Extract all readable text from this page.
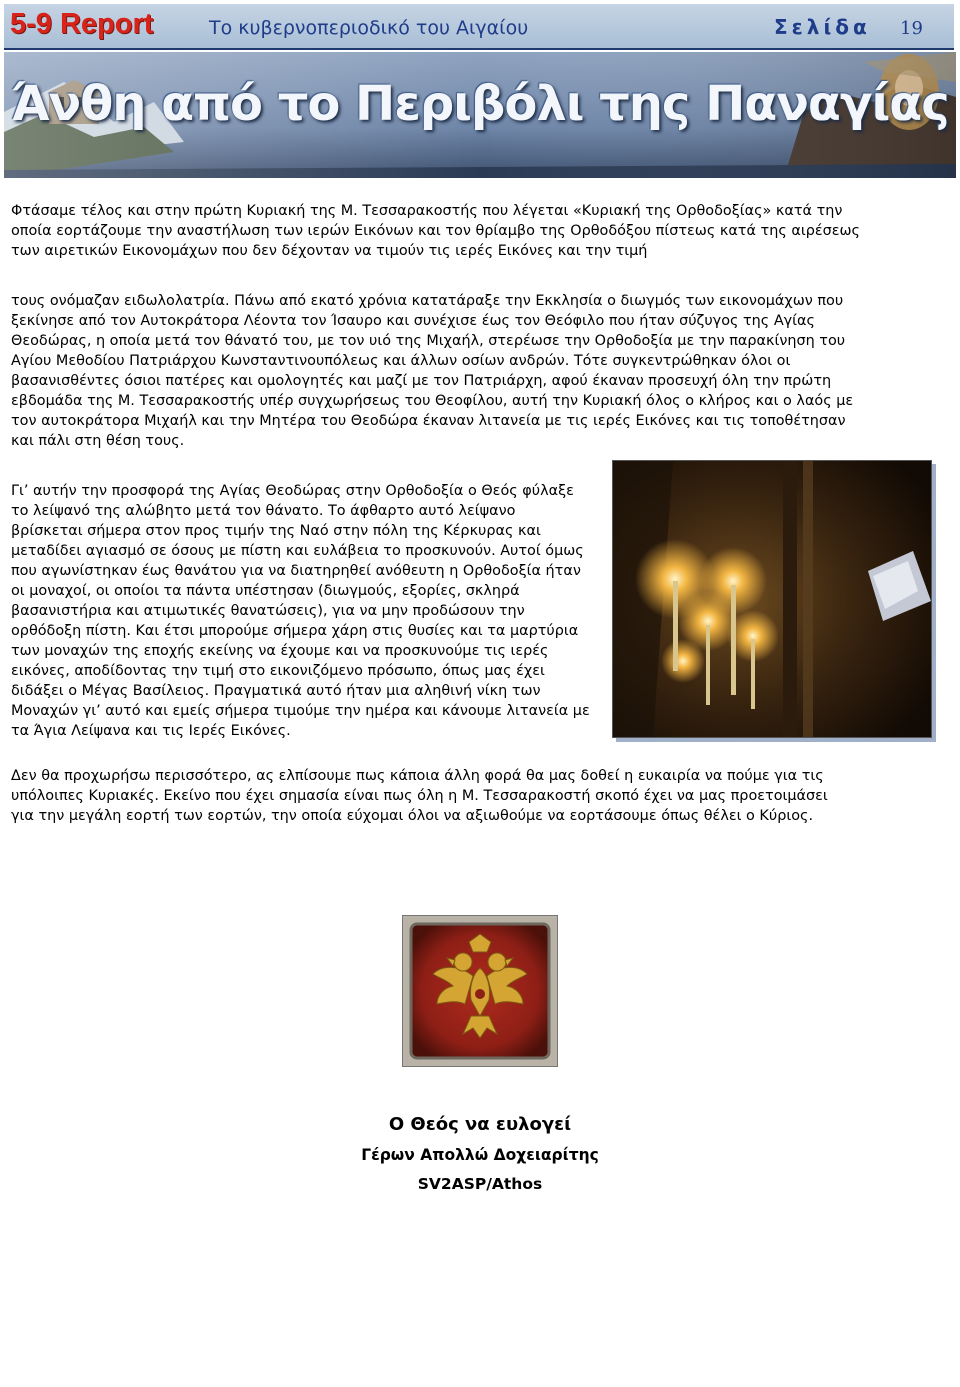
5-9 Report	Το κυβερνοπεριοδικό του Αιγαίου	Σελίδα 19
Άνθη από το Περιβόλι της Παναγίας

Φτάσαμε τέλος και στην πρώτη Κυριακή της Μ. Τεσσαρακοστής που λέγεται «Κυριακή της Ορθοδοξίας» κατά την οποία εορτάζουμε την αναστήλωση των ιερών Εικόνων και τον θρίαμβο της Ορθοδόξου πίστεως κατά της αιρέσεως των αιρετικών Εικονομάχων που δεν δέχονταν να τιμούν τις ιερές Εικόνες και την τιμή

τους ονόμαζαν ειδωλολατρία. Πάνω από εκατό χρόνια κατατάραξε την Εκκλησία ο διωγμός των εικονομάχων που ξεκίνησε από τον Αυτοκράτορα Λέοντα τον Ίσαυρο και συνέχισε έως τον Θεόφιλο που ήταν σύζυγος της Αγίας Θεοδώρας, η οποία μετά τον θάνατό του, με τον υιό της Μιχαήλ, στερέωσε την Ορθοδοξία με την παρακίνηση του Αγίου Μεθοδίου Πατριάρχου Κωνσταντινουπόλεως και άλλων οσίων ανδρών. Τότε συγκεντρώθηκαν όλοι οι βασανισθέντες όσιοι πατέρες και ομολογητές και μαζί με τον Πατριάρχη, αφού έκαναν προσευχή όλη την πρώτη εβδομάδα της Μ. Τεσσαρακοστής υπέρ συγχωρήσεως του Θεοφίλου, αυτή την Κυριακή όλος ο κλήρος και ο λαός με τον αυτοκράτορα Μιχαήλ και την Μητέρα του Θεοδώρα έκαναν λιτανεία με τις ιερές Εικόνες και τις τοποθέτησαν και πάλι στη θέση τους.

Γι’ αυτήν την προσφορά της Αγίας Θεοδώρας στην Ορθοδοξία ο Θεός φύλαξε το λείψανό της αλώβητο μετά τον θάνατο. Το άφθαρτο αυτό λείψανο βρίσκεται σήμερα στον προς τιμήν της Ναό στην πόλη της Κέρκυρας και μεταδίδει αγιασμό σε όσους με πίστη και ευλάβεια το προσκυνούν. Αυτοί όμως που αγωνίστηκαν έως θανάτου για να διατηρηθεί ανόθευτη η Ορθοδοξία ήταν οι μοναχοί, οι οποίοι τα πάντα υπέστησαν (διωγμούς, εξορίες, σκληρά βασανιστήρια και ατιμωτικές θανατώσεις), για να μην προδώσουν την ορθόδοξη πίστη. Και έτσι μπορούμε σήμερα χάρη στις θυσίες και τα μαρτύρια των μοναχών της εποχής εκείνης να έχουμε και να προσκυνούμε τις ιερές εικόνες, αποδίδοντας την τιμή στο εικονιζόμενο πρόσωπο, όπως μας έχει διδάξει ο Μέγας Βασίλειος. Πραγματικά αυτό ήταν μια αληθινή νίκη των Μοναχών γι’ αυτό και εμείς σήμερα τιμούμε την ημέρα και κάνουμε λιτανεία με τα Άγια Λείψανα και τις Ιερές Εικόνες.

Δεν θα προχωρήσω περισσότερο, ας ελπίσουμε πως κάποια άλλη φορά θα μας δοθεί η ευκαιρία να πούμε για τις υπόλοιπες Κυριακές. Εκείνο που έχει σημασία είναι πως όλη η Μ. Τεσσαρακοστή σκοπό έχει να μας προετοιμάσει για την μεγάλη εορτή των εορτών, την οποία εύχομαι όλοι να αξιωθούμε να εορτάσουμε όπως θέλει ο Κύριος.

Ο Θεός να ευλογεί
Γέρων Απολλώ Δοχειαρίτης
SV2ASP/Athos
